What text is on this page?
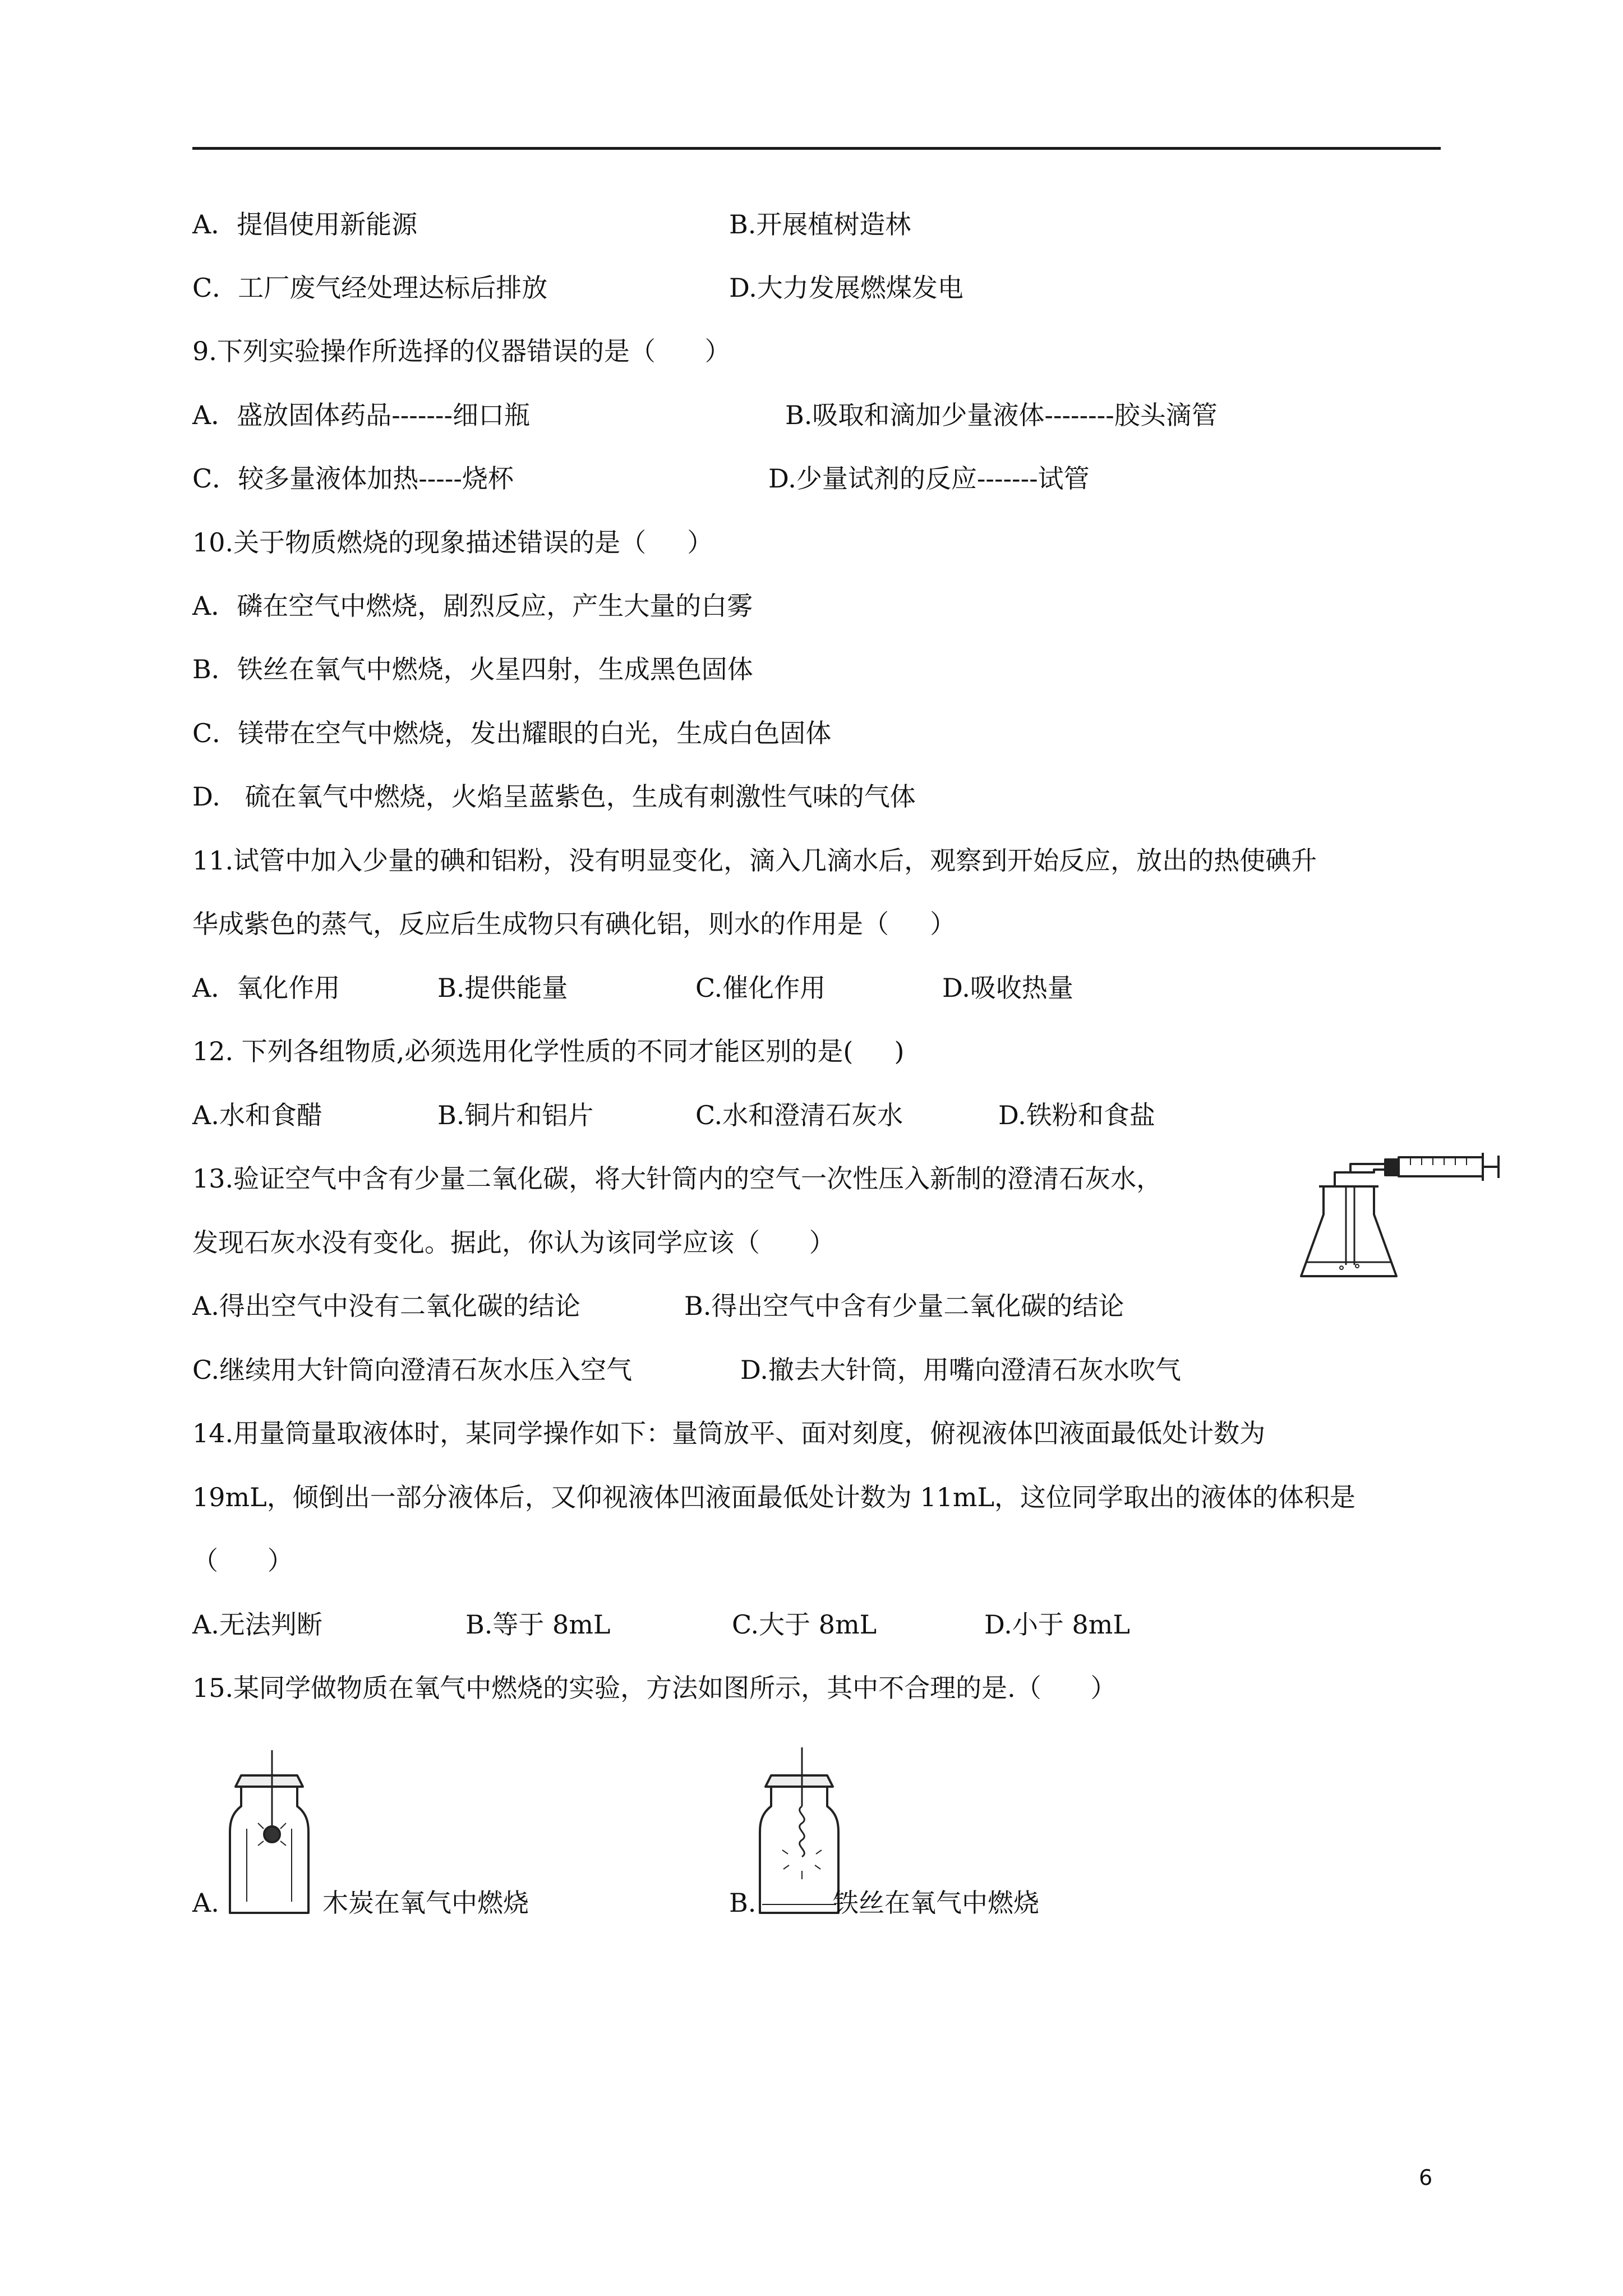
A．提倡使用新能源	B.开展植树造林
C．工厂废气经处理达标后排放	D.大力发展燃煤发电
9.下列实验操作所选择的仪器错误的是（      ）
A．盛放固体药品-------细口瓶	B.吸取和滴加少量液体--------胶头滴管
C．较多量液体加热-----烧杯	D.少量试剂的反应-------试管
10.关于物质燃烧的现象描述错误的是（     ）
A．磷在空气中燃烧，剧烈反应，产生大量的白雾
B．铁丝在氧气中燃烧，火星四射，生成黑色固体
C．镁带在空气中燃烧，发出耀眼的白光，生成白色固体
D.   硫在氧气中燃烧，火焰呈蓝紫色，生成有刺激性气味的气体
11.试管中加入少量的碘和铝粉，没有明显变化，滴入几滴水后，观察到开始反应，放出的热使碘升
华成紫色的蒸气，反应后生成物只有碘化铝，则水的作用是（     ）
A．氧化作用	B.提供能量	C.催化作用	D.吸收热量
12. 下列各组物质,必须选用化学性质的不同才能区别的是(     )
A.水和食醋	B.铜片和铝片	C.水和澄清石灰水	D.铁粉和食盐
13.验证空气中含有少量二氧化碳，将大针筒内的空气一次性压入新制的澄清石灰水，
发现石灰水没有变化。据此，你认为该同学应该（      ）
A.得出空气中没有二氧化碳的结论	B.得出空气中含有少量二氧化碳的结论
C.继续用大针筒向澄清石灰水压入空气	D.撤去大针筒，用嘴向澄清石灰水吹气
14.用量筒量取液体时，某同学操作如下：量筒放平、面对刻度，俯视液体凹液面最低处计数为
19mL，倾倒出一部分液体后，又仰视液体凹液面最低处计数为 11mL，这位同学取出的液体的体积是
（      ）
A.无法判断	B.等于 8mL	C.大于 8mL	D.小于 8mL
15.某同学做物质在氧气中燃烧的实验，方法如图所示，其中不合理的是.（      ）
A.	木炭在氧气中燃烧	B.	铁丝在氧气中燃烧
6
